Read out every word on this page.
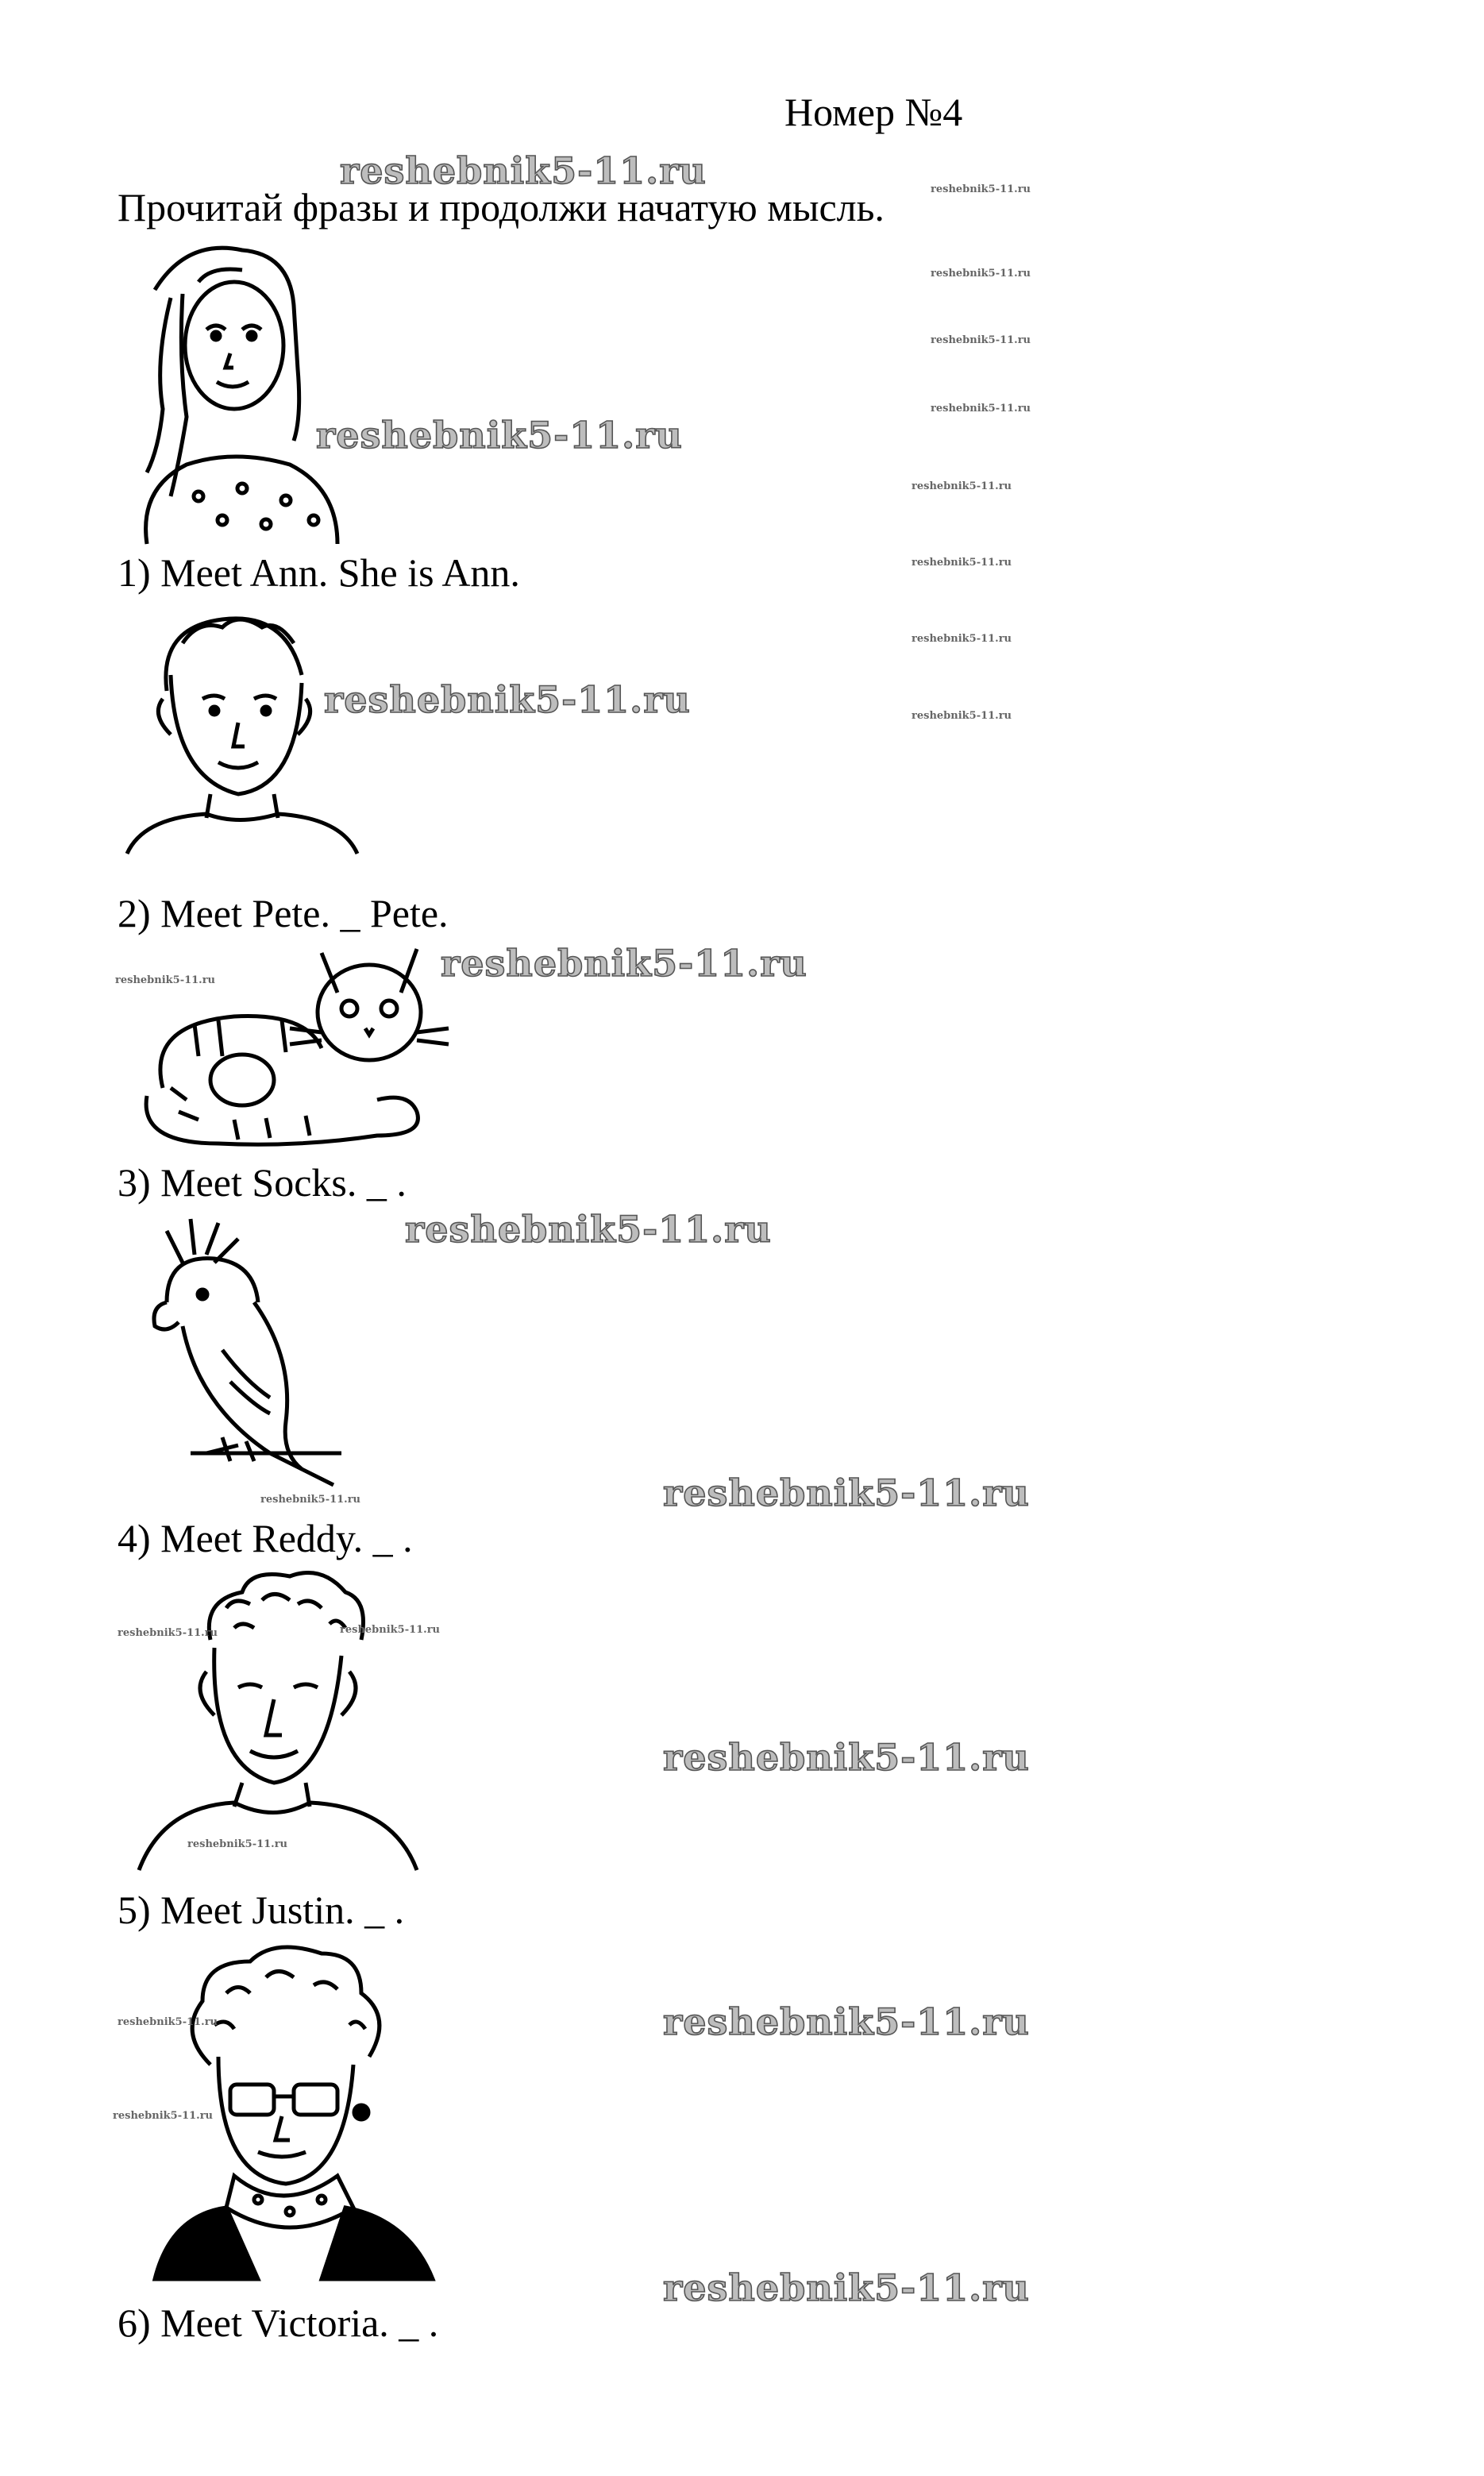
Номер №4
Прочитай фразы и продолжи начатую мысль.
1) Meet Ann. She is Ann.
2) Meet Pete. _ Pete.
3) Meet Socks. _ .
4) Meet Reddy. _ .
5) Meet Justin. _ .
6) Meet Victoria. _ .
reshebnik5-11.ru
reshebnik5-11.ru
reshebnik5-11.ru
reshebnik5-11.ru
reshebnik5-11.ru
reshebnik5-11.ru
reshebnik5-11.ru
reshebnik5-11.ru
reshebnik5-11.ru
reshebnik5-11.ru
reshebnik5-11.ru
reshebnik5-11.ru
reshebnik5-11.ru
reshebnik5-11.ru
reshebnik5-11.ru
reshebnik5-11.ru
reshebnik5-11.ru
reshebnik5-11.ru
reshebnik5-11.ru
reshebnik5-11.ru	reshebnik5-11.ru
reshebnik5-11.ru
reshebnik5-11.ru
reshebnik5-11.ru
